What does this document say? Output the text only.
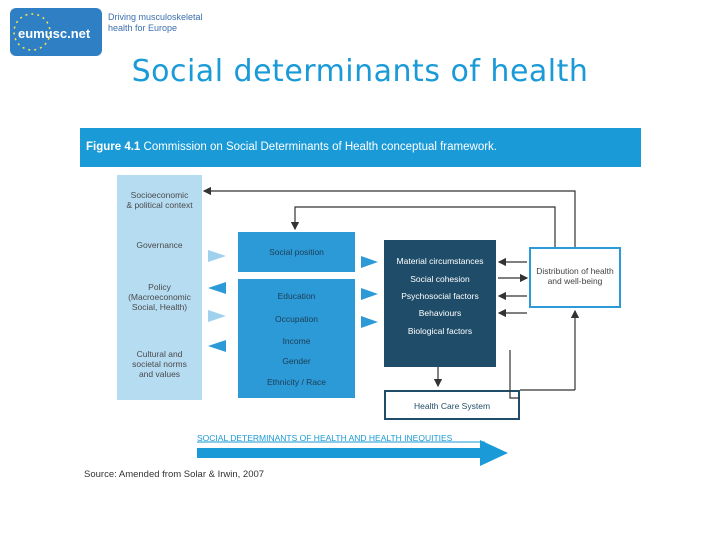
eumusc.net
Driving musculoskeletal
health for Europe
Social determinants of health
Figure 4.1 Commission on Social Determinants of Health conceptual framework.
Socioeconomic
& political context
Governance
Policy
(Macroeconomic
Social, Health)
Cultural and
societal norms
and values
Social position
Education
Occupation
Income
Gender
Ethnicity / Race
Material circumstances
Social cohesion
Psychosocial factors
Behaviours
Biological factors
Health Care System
Distribution of health
and well-being
SOCIAL DETERMINANTS OF HEALTH AND HEALTH INEQUITIES
Source: Amended from Solar & Irwin, 2007
